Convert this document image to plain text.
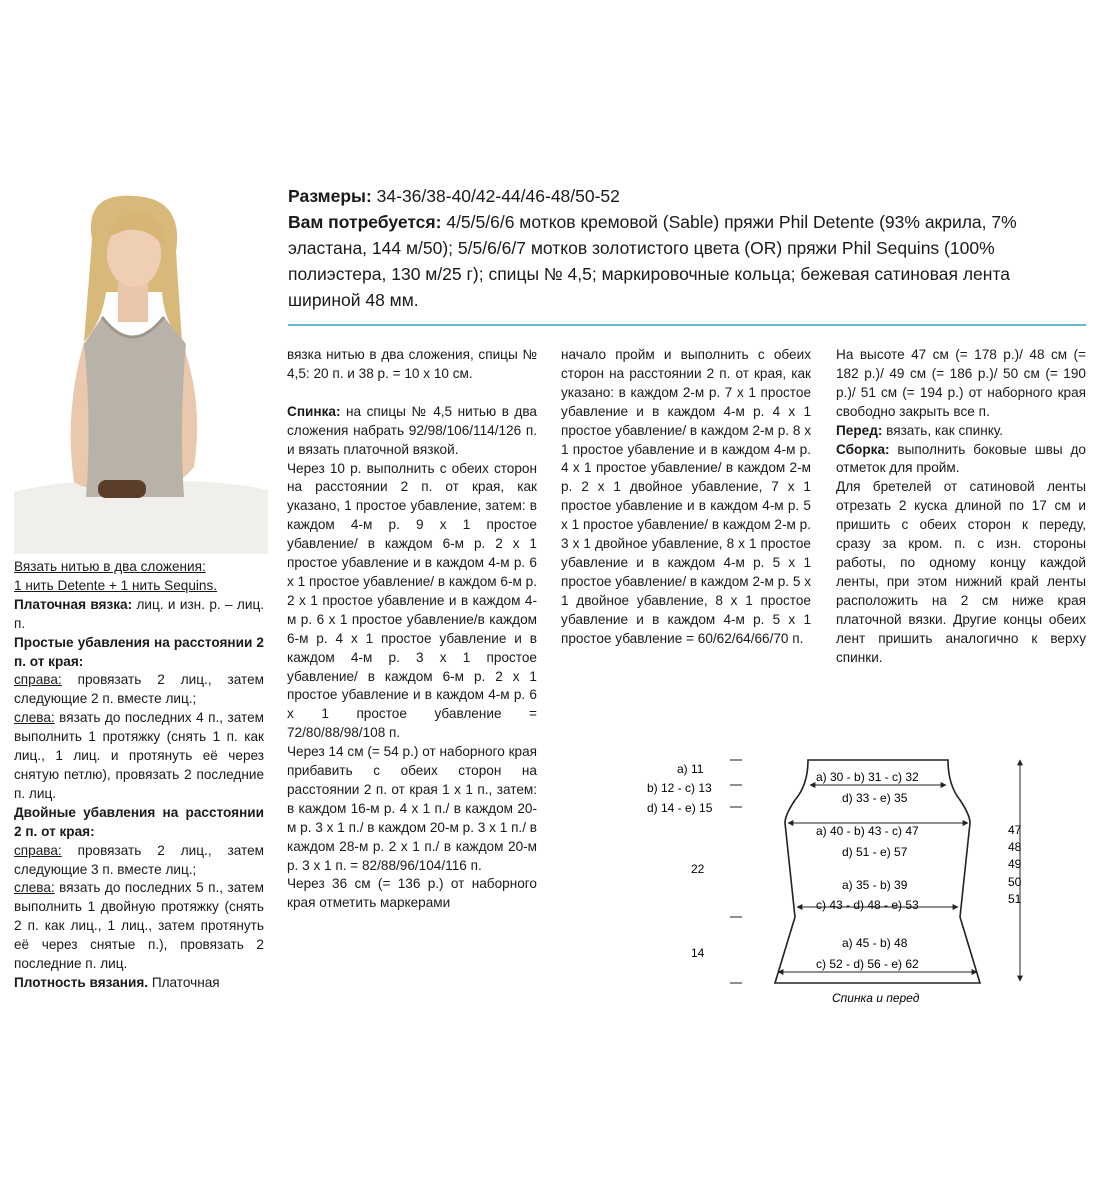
Размеры: 34-36/38-40/42-44/46-48/50-52
Вам потребуется: 4/5/5/6/6 мотков кремовой (Sable) пряжи Phil Detente (93% акрила, 7% эластана, 144 м/50); 5/5/6/6/7 мотков золотистого цвета (OR) пряжи Phil Sequins (100% полиэстера, 130 м/25 г); спицы № 4,5; маркировочные кольца; бежевая сатиновая лента шириной 48 мм.

Вязать нитью в два сложения:

1 нить Detente + 1 нить Sequins.

Платочная вязка: лиц. и изн. р. – лиц. п.

Простые убавления на расстоянии 2 п. от края:

справа: провязать 2 лиц., затем следующие 2 п. вместе лиц.;

слева: вязать до последних 4 п., затем выполнить 1 протяжку (снять 1 п. как лиц., 1 лиц. и протянуть её через снятую петлю), провязать 2 последние п. лиц.

Двойные убавления на расстоянии 2 п. от края:

справа: провязать 2 лиц., затем следующие 3 п. вместе лиц.;

слева: вязать до последних 5 п., затем выполнить 1 двойную протяжку (снять 2 п. как лиц., 1 лиц., затем протянуть её через снятые п.), провязать 2 последние п. лиц.

Плотность вязания. Платочная

вязка нитью в два сложения, спицы № 4,5: 20 п. и 38 р. = 10 х 10 см.

Спинка: на спицы № 4,5 нитью в два сложения набрать 92/98/106/114/126 п. и вязать платочной вязкой.

Через 10 р. выполнить с обеих сторон на расстоянии 2 п. от края, как указано, 1 простое убавление, затем: в каждом 4-м р. 9 х 1 простое убавление/ в каждом 6-м р. 2 х 1 простое убавление и в каждом 4-м р. 6 х 1 простое убавление/ в каждом 6-м р. 2 х 1 простое убавление и в каждом 4-м р. 6 х 1 простое убавление/в каждом 6-м р. 4 х 1 простое убавление и в каждом 4-м р. 3 х 1 простое убавление/ в каждом 6-м р. 2 х 1 простое убавление и в каждом 4-м р. 6 х 1 простое убавление = 72/80/88/98/108 п.

Через 14 см (= 54 р.) от наборного края прибавить с обеих сторон на расстоянии 2 п. от края 1 х 1 п., затем: в каждом 16-м р. 4 х 1 п./ в каждом 20-м р. 3 х 1 п./ в каждом 20-м р. 3 х 1 п./ в каждом 28-м р. 2 х 1 п./ в каждом 20-м р. 3 х 1 п. = 82/88/96/104/116 п.

Через 36 см (= 136 р.) от наборного края отметить маркерами

начало пройм и выполнить с обеих сторон на расстоянии 2 п. от края, как указано: в каждом 2-м р. 7 х 1 простое убавление и в каждом 4-м р. 4 х 1 простое убавление/ в каждом 2-м р. 8 х 1 простое убавление и в каждом 4-м р. 4 х 1 простое убавление/ в каждом 2-м р. 2 х 1 двойное убавление, 7 х 1 простое убавление и в каждом 4-м р. 5 х 1 простое убавление/ в каждом 2-м р. 3 х 1 двойное убавление, 8 х 1 простое убавление и в каждом 4-м р. 5 х 1 простое убавление/ в каждом 2-м р. 5 х 1 двойное убавление, 8 х 1 простое убавление и в каждом 4-м р. 5 х 1 простое убавление = 60/62/64/66/70 п.

На высоте 47 см (= 178 р.)/ 48 см (= 182 р.)/ 49 см (= 186 р.)/ 50 см (= 190 р.)/ 51 см (= 194 р.) от наборного края свободно закрыть все п.

Перед: вязать, как спинку.

Сборка: выполнить боковые швы до отметок для пройм.

Для бретелей от сатиновой ленты отрезать 2 куска длиной по 17 см и пришить с обеих сторон к переду, сразу за кром. п. с изн. стороны работы, по одному концу каждой ленты, при этом нижний край ленты расположить на 2 см ниже края платочной вязки. Другие концы обеих лент пришить аналогично к верху спинки.

a) 11
b) 12 - c) 13
d) 14 - e) 15
22
14
a) 30 - b) 31 - c) 32
d) 33 - e) 35
a) 40 - b) 43 - c) 47
d) 51 - e) 57
a) 35 - b) 39
c) 43 - d) 48 - e) 53
a) 45 - b) 48
c) 52 - d) 56 - e) 62
47
48
49
50
51
Спинка и перед
